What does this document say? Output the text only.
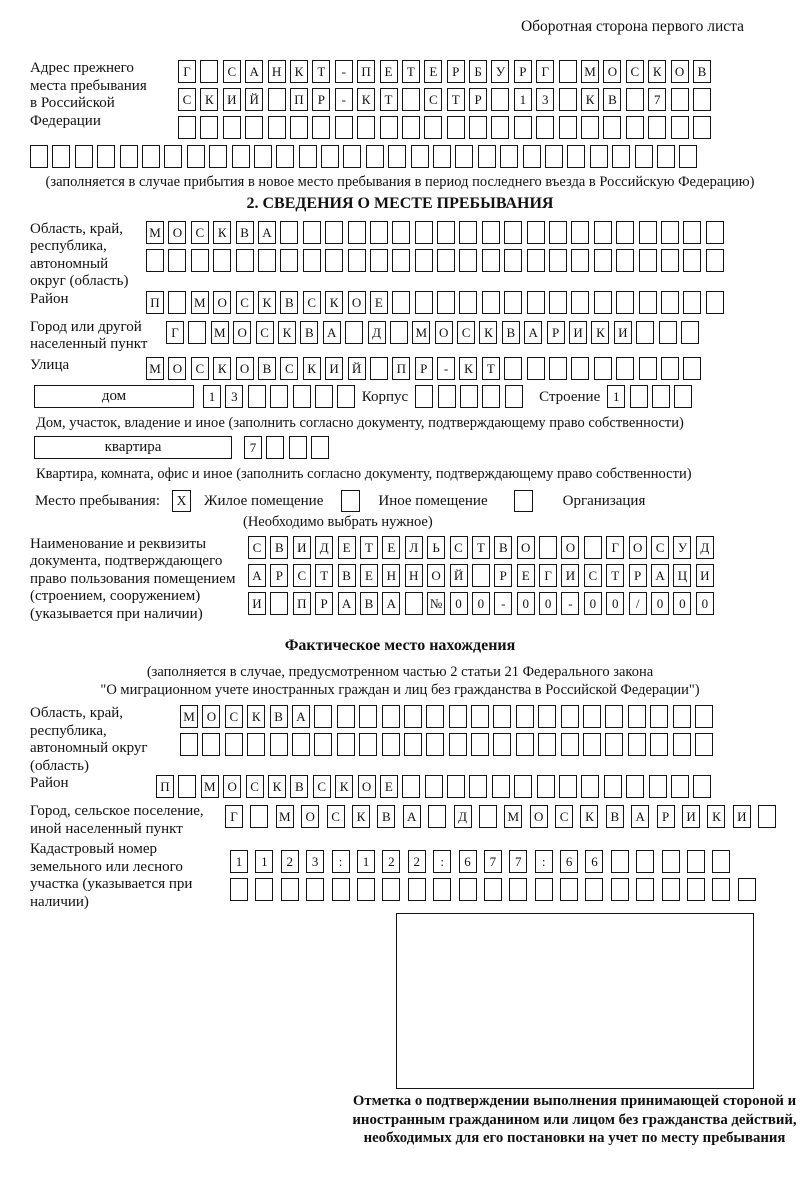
Оборотная сторона первого листа
Адрес прежнего места пребывания в Российской Федерации
Г	С А Н К Т - П Е Т Е Р Б У Р Г	М О С К О В
С К И Й	П Р - К Т	С Т Р	1 3	К В	7
(заполняется в случае прибытия в новое место пребывания в период последнего въезда в Российскую Федерацию)
2. СВЕДЕНИЯ О МЕСТЕ ПРЕБЫВАНИЯ
Область, край, республика, автономный округ (область)
М О С К В А
Район	П	М О С К В С К О Е
Город или другой населенный пункт
Г	М О С К В А	Д	М О С К В А Р И К И
Улица	М О С К О В С К И Й	П Р - К Т
дом	1 3	Корпус	Строение 1
Дом, участок, владение и иное (заполнить согласно документу, подтверждающему право собственности)
квартира	7
Квартира, комната, офис и иное (заполнить согласно документу, подтверждающему право собственности)
Место пребывания: X Жилое помещение	Иное помещение	Организация
(Необходимо выбрать нужное)
Наименование и реквизиты документа, подтверждающего право пользования помещением (строением, сооружением) (указывается при наличии)
С В И Д Е Т Е Л Ь С Т В О	О	Г О С У Д
А Р С Т В Е Н Н О Й	Р Е Г И С Т Р А Ц И
И	П Р А В А	№ 0 0 - 0 0 - 0 0 / 0 0 0
Фактическое место нахождения
(заполняется в случае, предусмотренном частью 2 статьи 21 Федерального закона
"О миграционном учете иностранных граждан и лиц без гражданства в Российской Федерации")
Область, край, республика, автономный округ (область)
М О С К В А
Район	П	М О С К В С К О Е
Город, сельское поселение, иной населенный пункт
Г	М О С К В А	Д	М О С К В А Р И К И
Кадастровый номер земельного или лесного участка (указывается при наличии)
1 1 2 3 : 1 2 2 : 6 7 7 : 6 6
Отметка о подтверждении выполнения принимающей стороной и иностранным гражданином или лицом без гражданства действий, необходимых для его постановки на учет по месту пребывания
